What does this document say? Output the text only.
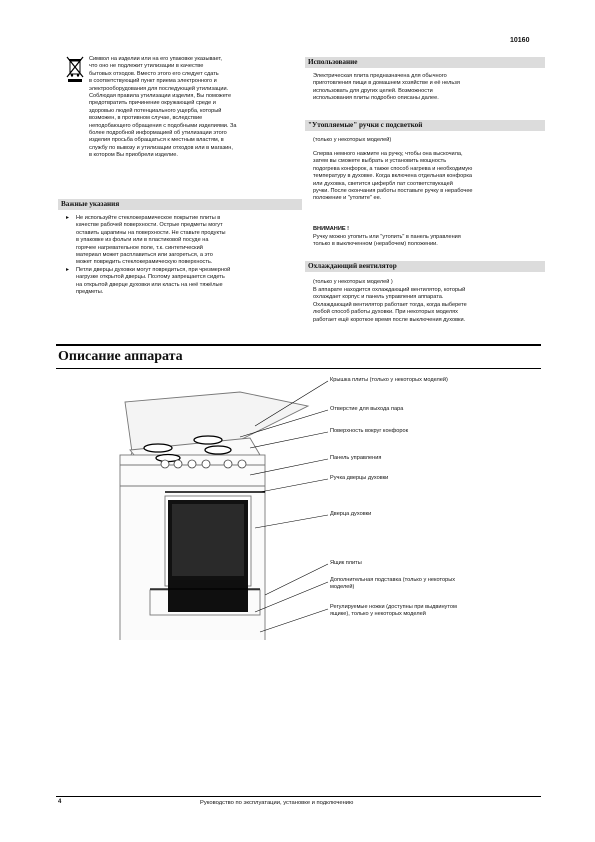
10160
Символ на изделии или на его упаковке указывает,
что оно не подлежит утилизации в качестве
бытовых отходов. Вместо этого его следует сдать
в соответствующий пункт приема электронного и
электрооборудования для последующей утилизации.
Соблюдая правила утилизации изделия, Вы поможете
предотвратить причинение окружающей среде и
здоровью людей потенциального ущерба, который
возможен, в противном случае, вследствие
неподобающего обращения с подобными изделиями. За
более подробной информацией об утилизации этого
изделия просьба обращаться к местным властям, в
службу по вывозу и утилизации отходов или в магазин,
в котором Вы приобрели изделие.
Важные указания
▸ Не используйте стеклокерамическое покрытие плиты в
качестве рабочей поверхности. Острые предметы могут
оставить царапины на поверхности. Не ставьте продукты
в упаковке из фольги или в пластиковой посуде на
горячее нагревательное поле, т.к. синтетический
материал может расплавиться или загореться, а это
может повредить стеклокерамическую поверхность.
▸ Петли дверцы духовки могут повредиться, при чрезмерной
нагрузке открытой дверцы. Поэтому запрещается сидеть
на открытой дверце духовки или класть на неё тяжёлые
предметы.
Использование
Электрическая плита предназначена для обычного
приготовления пищи в домашнем хозяйстве и её нельзя
использовать для других целей. Возможности
использования плиты подробно описаны далее.
"Утопляемые" ручки с подсветкой
(только у некоторых моделей)
Сперва немного нажмите на ручку, чтобы она выскочила,
затем вы сможете выбрать и установить мощность
подогрева конфорок, а также способ нагрева и необходимую
температуру в духовке. Когда включена отдельная конфорка
или духовка, светится цифербл пат соответствующей
ручки. После окончания работы поставьте ручку в нерабочее
положение и "утопите" ее.
ВНИМАНИЕ !
Ручку можно утопить или "утопить" в панель управления
только в выключенном (нерабочем) положении.
Охлаждающий вентилятор
(только у некоторых моделей )
В аппарате находится охлаждающий вентилятор, который
охлаждает корпус и панель управления аппарата.
Охлаждающий вентилятор работает тогда, когда выберете
любой способ работы духовки. При некоторых моделях
работает ещё короткое время после выключения духовки.
Описание аппарата
Крышка плиты (только у некоторых моделей)
Отверстие для выхода пара
Поверхность вокруг конфорок
Панель управления
Ручка дверцы духовки
Дверца духовки
Ящик плиты
Дополнительная подставка (только у некоторых
моделей)
Регулируемые ножки (доступны при выдвинутом
ящике), только у некоторых моделей
4	Руководство по эксплуатации, установке и подключению
